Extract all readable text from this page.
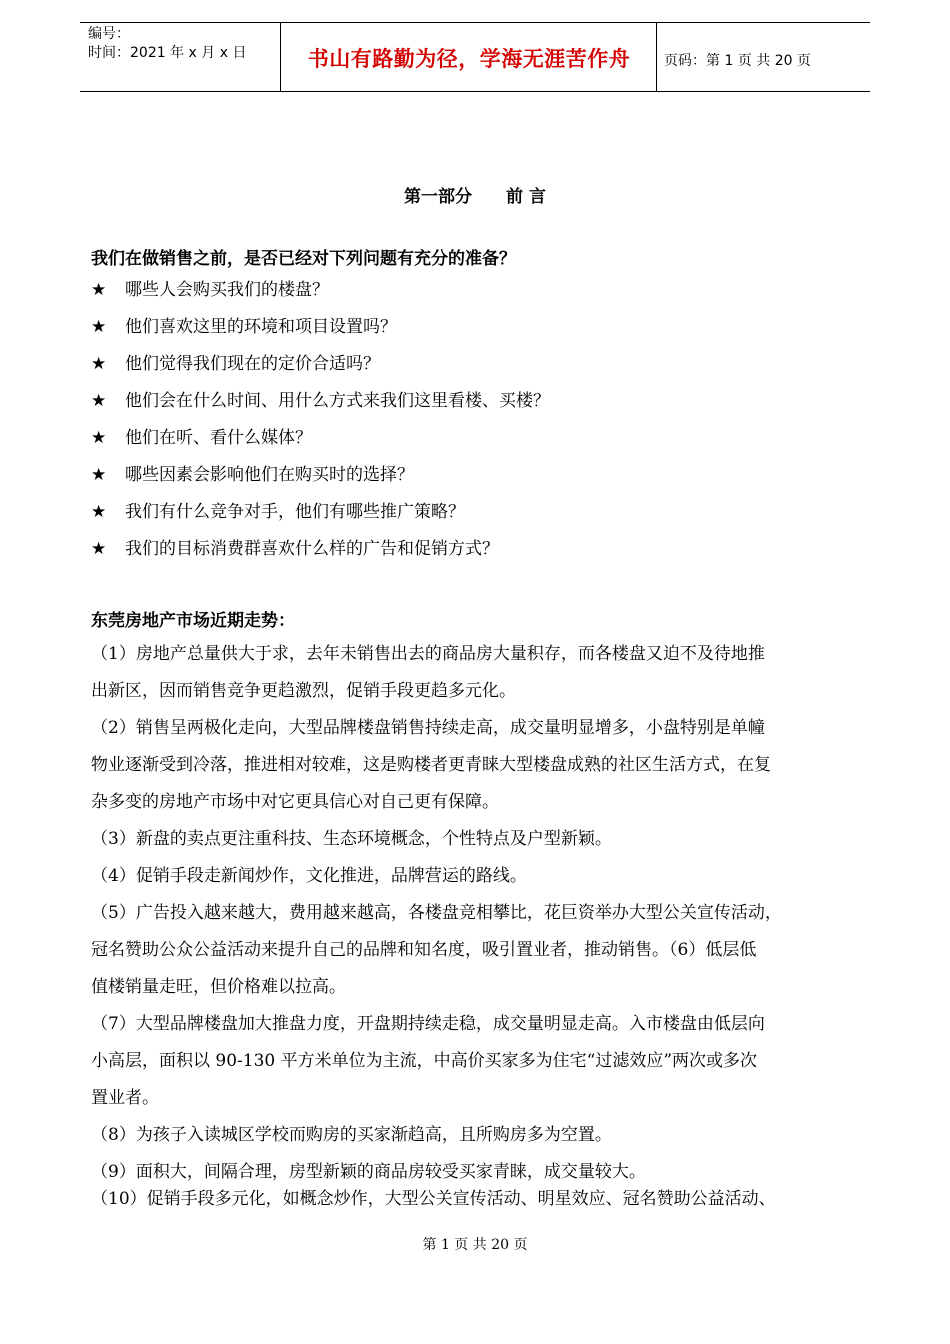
编号：
时间：2021 年 x 月 x 日	书山有路勤为径，学海无涯苦作舟	页码：第 1 页 共 20 页
第一部分 前 言
我们在做销售之前，是否已经对下列问题有充分的准备？
★ 哪些人会购买我们的楼盘？
★ 他们喜欢这里的环境和项目设置吗？
★ 他们觉得我们现在的定价合适吗？
★ 他们会在什么时间、用什么方式来我们这里看楼、买楼？
★ 他们在听、看什么媒体？
★ 哪些因素会影响他们在购买时的选择？
★ 我们有什么竞争对手，他们有哪些推广策略？
★ 我们的目标消费群喜欢什么样的广告和促销方式？
东莞房地产市场近期走势：
（1）房地产总量供大于求，去年未销售出去的商品房大量积存，而各楼盘又迫不及待地推
出新区，因而销售竞争更趋激烈，促销手段更趋多元化。
（2）销售呈两极化走向，大型品牌楼盘销售持续走高，成交量明显增多，小盘特别是单幢
物业逐渐受到冷落，推进相对较难，这是购楼者更青睐大型楼盘成熟的社区生活方式，在复
杂多变的房地产市场中对它更具信心对自己更有保障。
（3）新盘的卖点更注重科技、生态环境概念，个性特点及户型新颖。
（4）促销手段走新闻炒作，文化推进，品牌营运的路线。
（5）广告投入越来越大，费用越来越高，各楼盘竞相攀比，花巨资举办大型公关宣传活动，
冠名赞助公众公益活动来提升自己的品牌和知名度，吸引置业者，推动销售。（6）低层低
值楼销量走旺，但价格难以拉高。
（7）大型品牌楼盘加大推盘力度，开盘期持续走稳，成交量明显走高。入市楼盘由低层向
小高层，面积以 90-130 平方米单位为主流，中高价买家多为住宅“过滤效应”两次或多次
置业者。
（8）为孩子入读城区学校而购房的买家渐趋高，且所购房多为空置。
（9）面积大，间隔合理，房型新颖的商品房较受买家青睐，成交量较大。
（10）促销手段多元化，如概念炒作，大型公关宣传活动、明星效应、冠名赞助公益活动、
第 1 页 共 20 页
